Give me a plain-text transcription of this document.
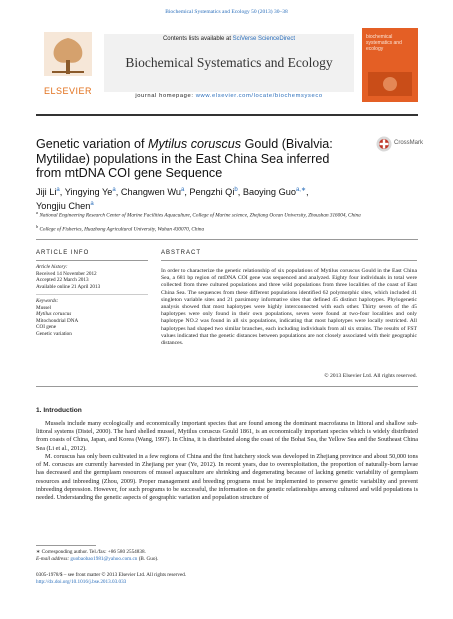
Biochemical Systematics and Ecology 50 (2013) 30–38
ELSEVIER
Contents lists available at SciVerse ScienceDirect
Biochemical Systematics and Ecology
journal homepage: www.elsevier.com/locate/biochemsyseco
biochemical systematics and ecology
Genetic variation of Mytilus coruscus Gould (Bivalvia: Mytilidae) populations in the East China Sea inferred from mtDNA COI gene Sequence
CrossMark
Jiji Li$^a$, Yingying Ye$^a$, Changwen Wu$^a$, Pengzhi Qi$^b$, Baoying Guo$^{a,∗}$,
Yongjiu Chen$^a$
$^a$ National Engineering Research Center of Marine Facilities Aquaculture, College of Marine science, Zhejiang Ocean University, Zhoushan 316004, China
$^b$ College of Fisheries, Huazhong Agricultural University, Wuhan 430070, China
ARTICLE INFO
Article history:
Received 14 November 2012
Accepted 22 March 2013
Available online 21 April 2013
Keywords:
Mussel
Mytilus coruscus
Mitochondrial DNA
COI gene
Genetic variation
ABSTRACT
In order to characterize the genetic relationship of six populations of Mytilus coruscus Gould in the East China Sea, a 681 bp region of mtDNA COI gene was sequenced and analyzed. Eighty four individuals in total were collected from three cultured populations and three wild populations from three localities of the coast of East China Sea. The sequences from these different populations identified 62 polymorphic sites, which included 41 singleton variable sites and 21 parsimony informative sites that defined 45 distinct haplotypes. Phylogenetic analysis showed that most haplotypes were highly interconnected with each other. Thirty seven of the 45 haplotypes were only found in their own populations, seven were found at two-four localities and only haplotype NO.2 was found in all six populations, indicating that most haplotypes were locally restricted. All haplotypes had shaped two similar branches, each including individuals from all six strains. The results of FST values indicated that the genetic distances between populations are not closely associated with their geographic distances.
© 2013 Elsevier Ltd. All rights reserved.
1. Introduction
Mussels include many ecologically and economically important species that are found among the dominant macrofauna in littoral and shallow sub-littoral systems (Distel, 2000). The hard shelled mussel, Mytilus coruscus Gould 1861, is an economically important species which is widely distributed from coasts of China, Japan, and Korea (Wang, 1997). In China, it is distributed along the coast of the Bohai Sea, the Yellow Sea and the Southeast China Sea (Li et al., 2012).
M. coruscus has only been cultivated in a few regions of China and the first hatchery stock was developed in Zhejiang province and about 50,000 tons of M. coruscus are currently harvested in Zhejiang per year (Ye, 2012). In recent years, due to overexploitation, the proportion of naturally-born larvae has decreased and the germplasm resources of mussel aquaculture are shrinking and degenerating because of lacking genetic variability of germplasm resources and inbreeding (Zhou, 2009). Proper management and breeding programs must be implemented to preserve genetic variability and prevent inbreeding depression. However, for such programs to be successful, the information on the genetic relationships among cultured and wild populations is needed. Understanding the genetic aspects of geographic variation and population structure of
∗ Corresponding author. Tel./fax: +86 580 2554838.
E-mail address: guobaobao1981@yahoo.com.cn (B. Guo).
0305-1978/$ – see front matter © 2013 Elsevier Ltd. All rights reserved.
http://dx.doi.org/10.1016/j.bse.2013.03.033
